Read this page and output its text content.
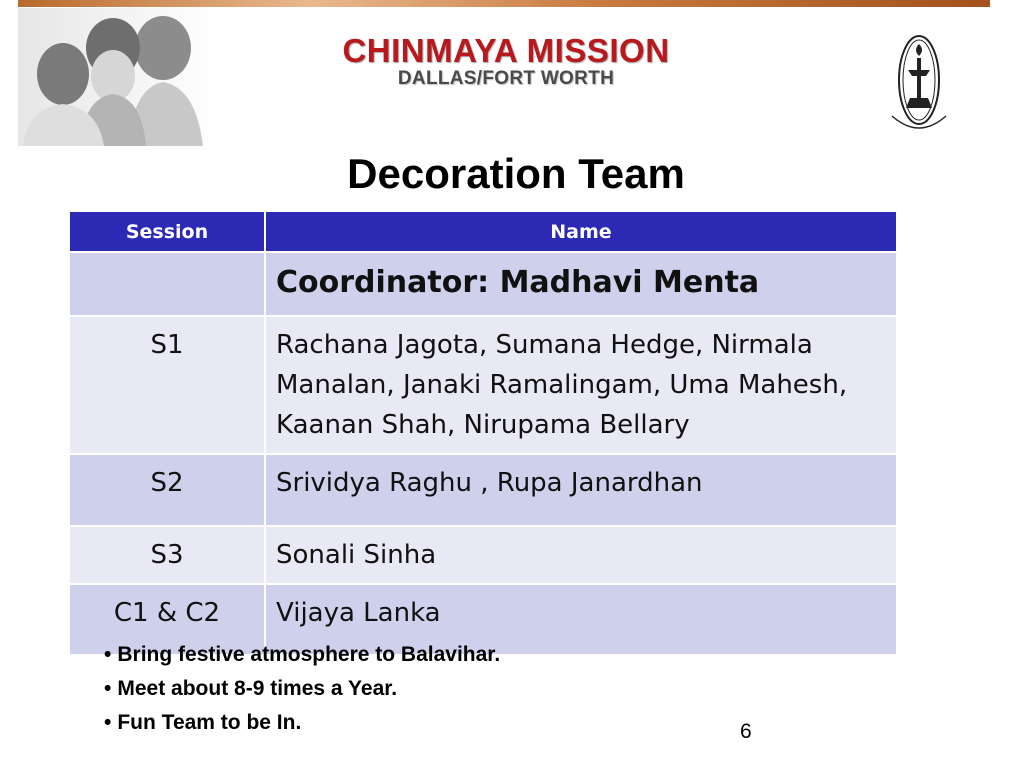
CHINMAYA MISSION
DALLAS/FORT WORTH
Decoration Team
Session	Name
	Coordinator: Madhavi Menta
S1	Rachana Jagota, Sumana Hedge, Nirmala Manalan, Janaki Ramalingam, Uma Mahesh, Kaanan Shah, Nirupama Bellary
S2	Srividya Raghu , Rupa Janardhan
S3	Sonali Sinha
C1 & C2	Vijaya Lanka
• Bring festive atmosphere to Balavihar.
• Meet about 8-9 times a Year.
• Fun Team to be In.	6
